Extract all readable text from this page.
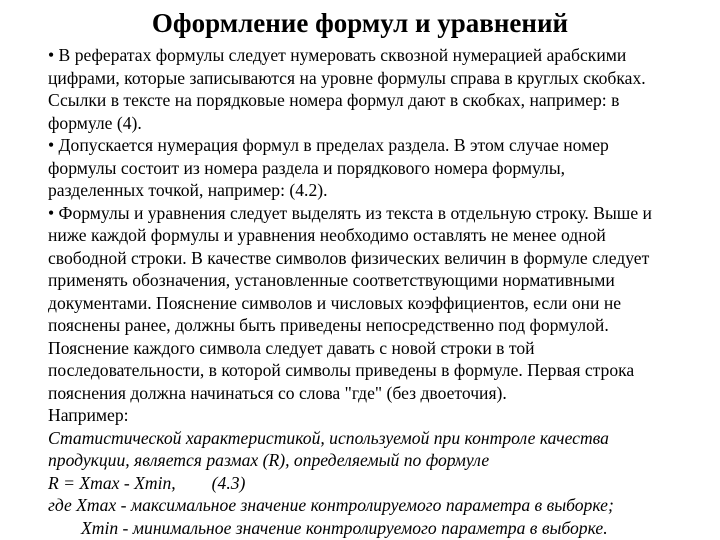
Оформление формул и уравнений
• В рефератах формулы следует нумеровать сквозной нумерацией арабскими
цифрами, которые записываются на уровне формулы справа в круглых скобках.
Ссылки в тексте на порядковые номера формул дают в скобках, например: в
формуле (4).
• Допускается нумерация формул в пределах раздела. В этом случае номер
формулы состоит из номера раздела и порядкового номера формулы,
разделенных точкой, например: (4.2).
• Формулы и уравнения следует выделять из текста в отдельную строку. Выше и
ниже каждой формулы и уравнения необходимо оставлять не менее одной
свободной строки. В качестве символов физических величин в формуле следует
применять обозначения, установленные соответствующими нормативными
документами. Пояснение символов и числовых коэффициентов, если они не
пояснены ранее, должны быть приведены непосредственно под формулой.
Пояснение каждого символа следует давать с новой строки в той
последовательности, в которой символы приведены в формуле. Первая строка
пояснения должна начинаться со слова "где" (без двоеточия).
Например:
Статистической характеристикой, используемой при контроле качества
продукции, является размах (R), определяемый по формуле
R = Xmax - Xmin, (4.3)
где Xmax - максимальное значение контролируемого параметра в выборке;
Xmin - минимальное значение контролируемого параметра в выборке.
